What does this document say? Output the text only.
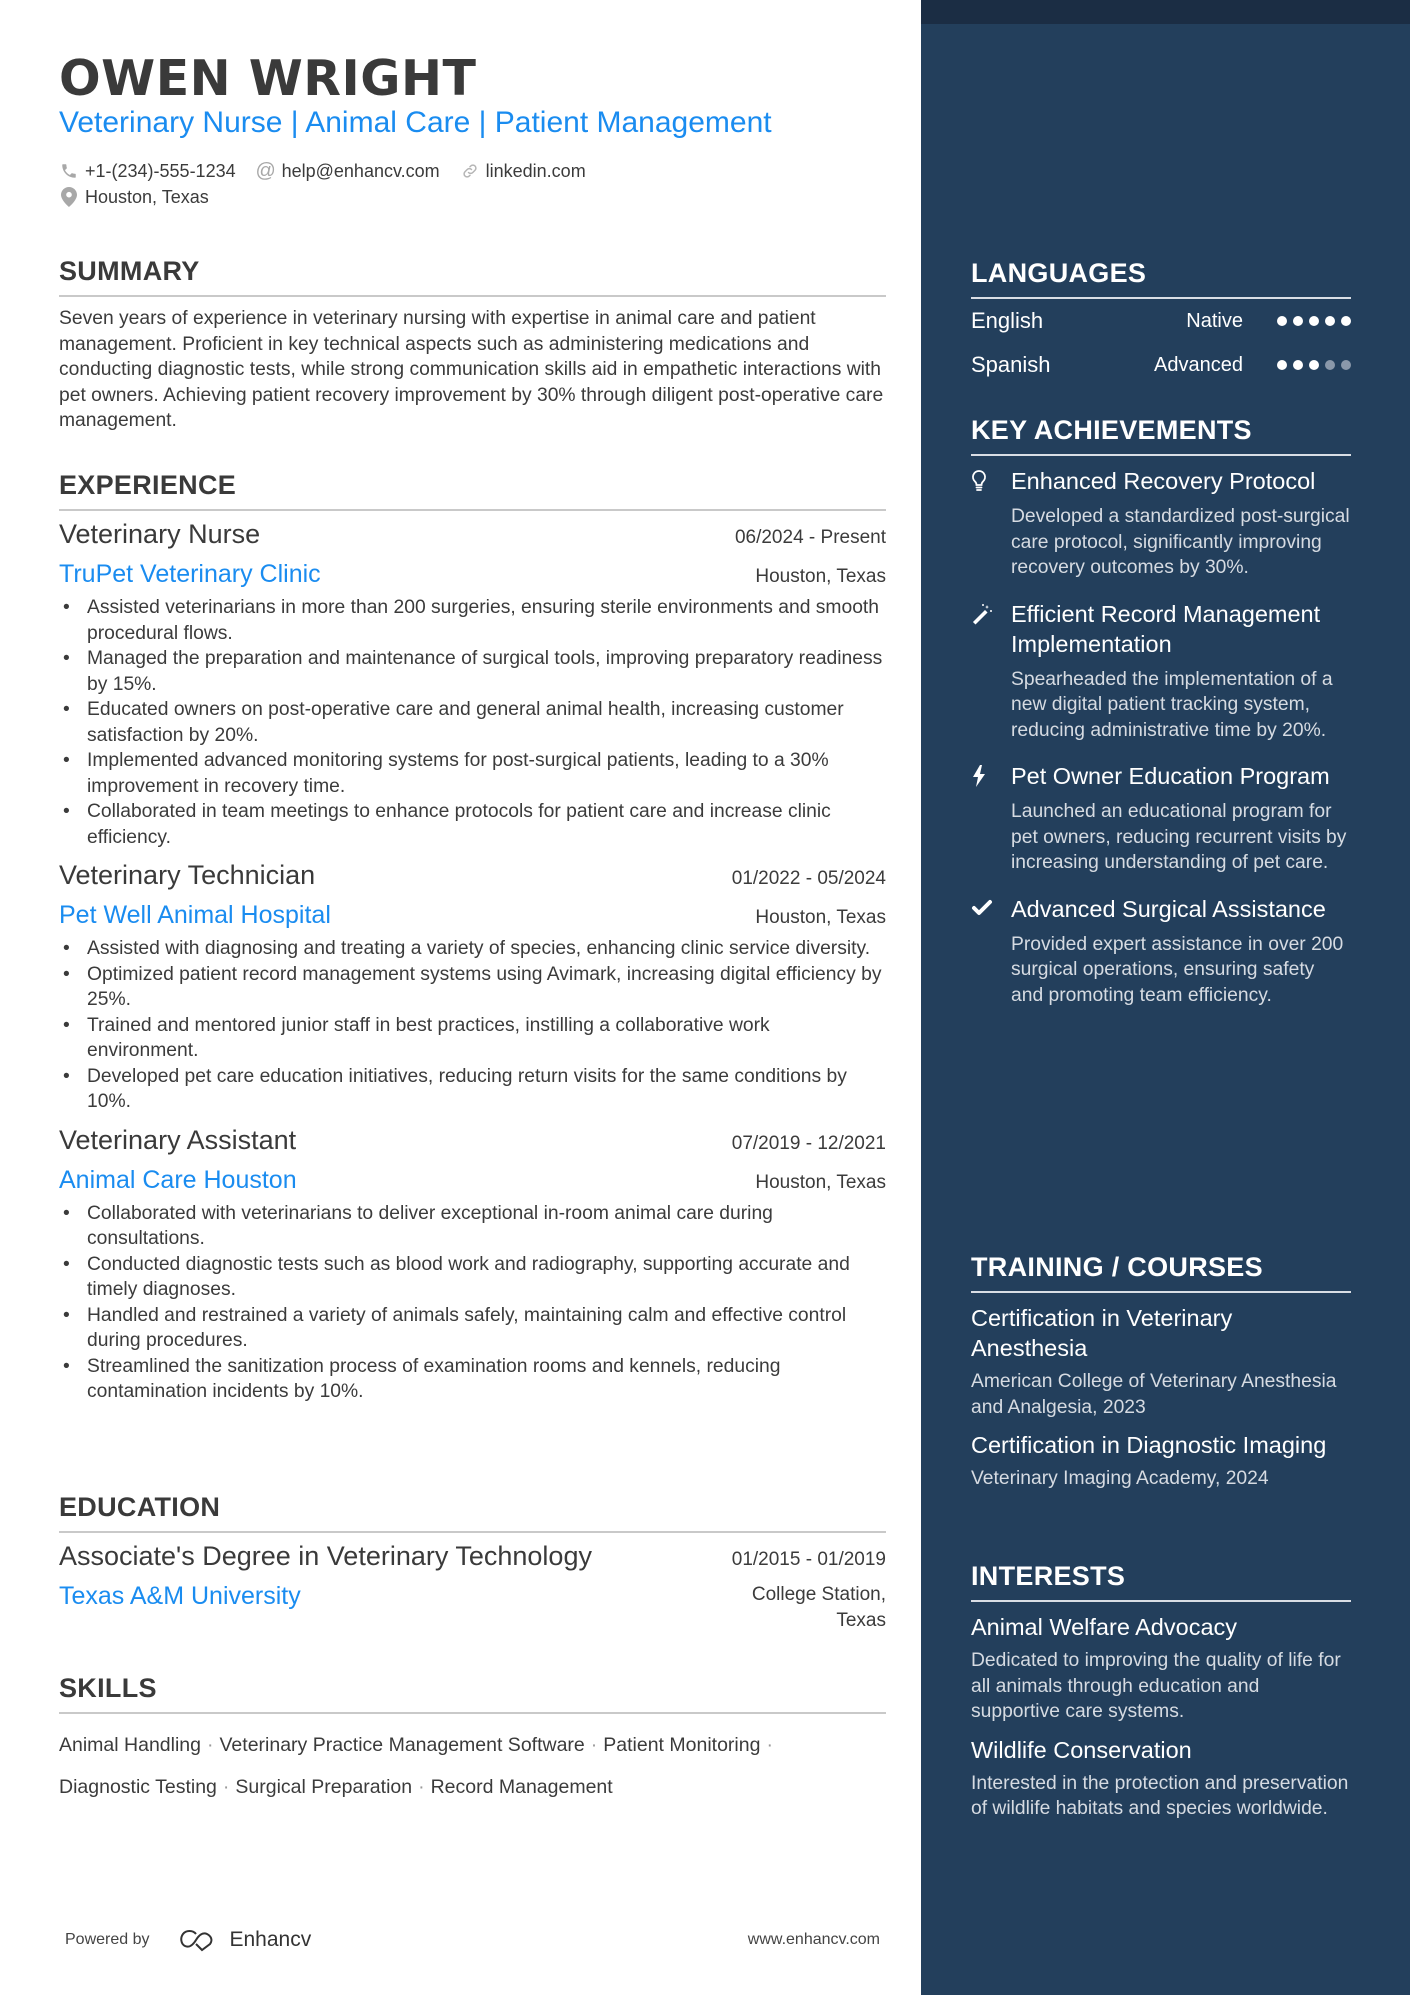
OWEN WRIGHT
Veterinary Nurse | Animal Care | Patient Management
+1-(234)-555-1234 @ help@enhancv.com	linkedin.com
Houston, Texas
SUMMARY

Seven years of experience in veterinary nursing with expertise in animal care and patient management. Proficient in key technical aspects such as administering medications and conducting diagnostic tests, while strong communication skills aid in empathetic interactions with pet owners. Achieving patient recovery improvement by 30% through diligent post-operative care management.

EXPERIENCE
Veterinary Nurse	06/2024 - Present
TruPet Veterinary Clinic	Houston, Texas
• Assisted veterinarians in more than 200 surgeries, ensuring sterile environments and smooth procedural flows.
• Managed the preparation and maintenance of surgical tools, improving preparatory readiness by 15%.
• Educated owners on post-operative care and general animal health, increasing customer satisfaction by 20%.
• Implemented advanced monitoring systems for post-surgical patients, leading to a 30% improvement in recovery time.
• Collaborated in team meetings to enhance protocols for patient care and increase clinic efficiency.
Veterinary Technician	01/2022 - 05/2024
Pet Well Animal Hospital	Houston, Texas
• Assisted with diagnosing and treating a variety of species, enhancing clinic service diversity.
• Optimized patient record management systems using Avimark, increasing digital efficiency by 25%.
• Trained and mentored junior staff in best practices, instilling a collaborative work environment.
• Developed pet care education initiatives, reducing return visits for the same conditions by 10%.
Veterinary Assistant	07/2019 - 12/2021
Animal Care Houston	Houston, Texas
• Collaborated with veterinarians to deliver exceptional in-room animal care during consultations.
• Conducted diagnostic tests such as blood work and radiography, supporting accurate and timely diagnoses.
• Handled and restrained a variety of animals safely, maintaining calm and effective control during procedures.
• Streamlined the sanitization process of examination rooms and kennels, reducing contamination incidents by 10%.
EDUCATION
Associate's Degree in Veterinary Technology	01/2015 - 01/2019
Texas A&M University	College Station, Texas
SKILLS
Animal Handling · Veterinary Practice Management Software · Patient Monitoring ·
Diagnostic Testing · Surgical Preparation · Record Management
Powered by	Enhancv	www.enhancv.com
LANGUAGES
English	Native
Spanish	Advanced
KEY ACHIEVEMENTS
Enhanced Recovery Protocol
Developed a standardized post-surgical care protocol, significantly improving recovery outcomes by 30%.
Efficient Record Management Implementation
Spearheaded the implementation of a new digital patient tracking system, reducing administrative time by 20%.
Pet Owner Education Program
Launched an educational program for pet owners, reducing recurrent visits by increasing understanding of pet care.
Advanced Surgical Assistance
Provided expert assistance in over 200 surgical operations, ensuring safety and promoting team efficiency.
TRAINING / COURSES
Certification in Veterinary Anesthesia
American College of Veterinary Anesthesia and Analgesia, 2023
Certification in Diagnostic Imaging
Veterinary Imaging Academy, 2024
INTERESTS
Animal Welfare Advocacy
Dedicated to improving the quality of life for all animals through education and supportive care systems.
Wildlife Conservation
Interested in the protection and preservation of wildlife habitats and species worldwide.
